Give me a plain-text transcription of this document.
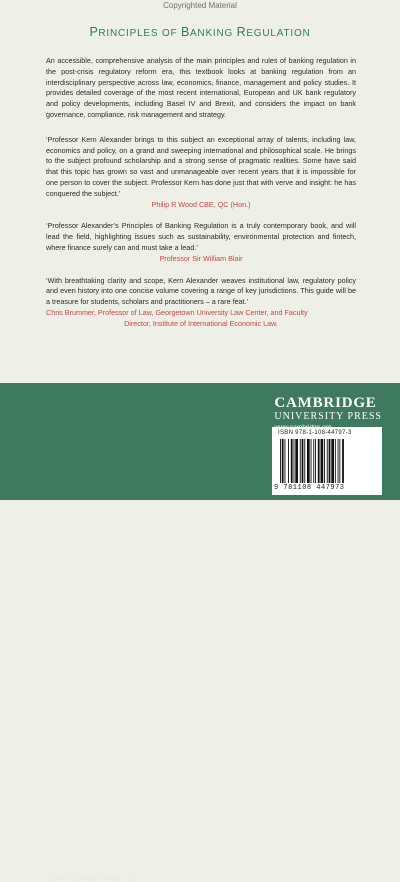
Copyrighted Material
PRINCIPLES OF BANKING REGULATION

An accessible, comprehensive analysis of the main principles and rules of banking regulation in the post-crisis regulatory reform era, this textbook looks at banking regulation from an interdisciplinary perspective across law, economics, finance, management and policy studies. It provides detailed coverage of the most recent international, European and UK bank regulatory and policy developments, including Basel IV and Brexit, and considers the impact on bank governance, compliance, risk management and strategy.

‘Professor Kern Alexander brings to this subject an exceptional array of talents, including law, economics and policy, on a grand and sweeping international and philosophical scale. He brings to the subject profound scholarship and a strong sense of pragmatic realities. Some have said that this topic has grown so vast and unmanageable over recent years that it is impossible for one person to cover the subject. Professor Kern has done just that with verve and insight: he has conquered the subject.’
Philip R Wood CBE, QC (Hon.)

‘Professor Alexander’s Principles of Banking Regulation is a truly contemporary book, and will lead the field, highlighting issues such as sustainability, environmental protection and fintech, where finance surely can and must take a lead.’
Professor Sir William Blair

‘With breathtaking clarity and scope, Kern Alexander weaves institutional law, regulatory policy and even history into one concise volume covering a range of key jurisdictions. This guide will be a treasure for students, scholars and practitioners – a rare feat.’
Chris Brummer, Professor of Law, Georgetown University Law Center, and Faculty
Director, Institute of International Economic Law.

CAMBRIDGE
UNIVERSITY PRESS
ISBN 978-1-108-44797-3
9 781108 447973
COVER DESIGNED BY BOB LOCK
